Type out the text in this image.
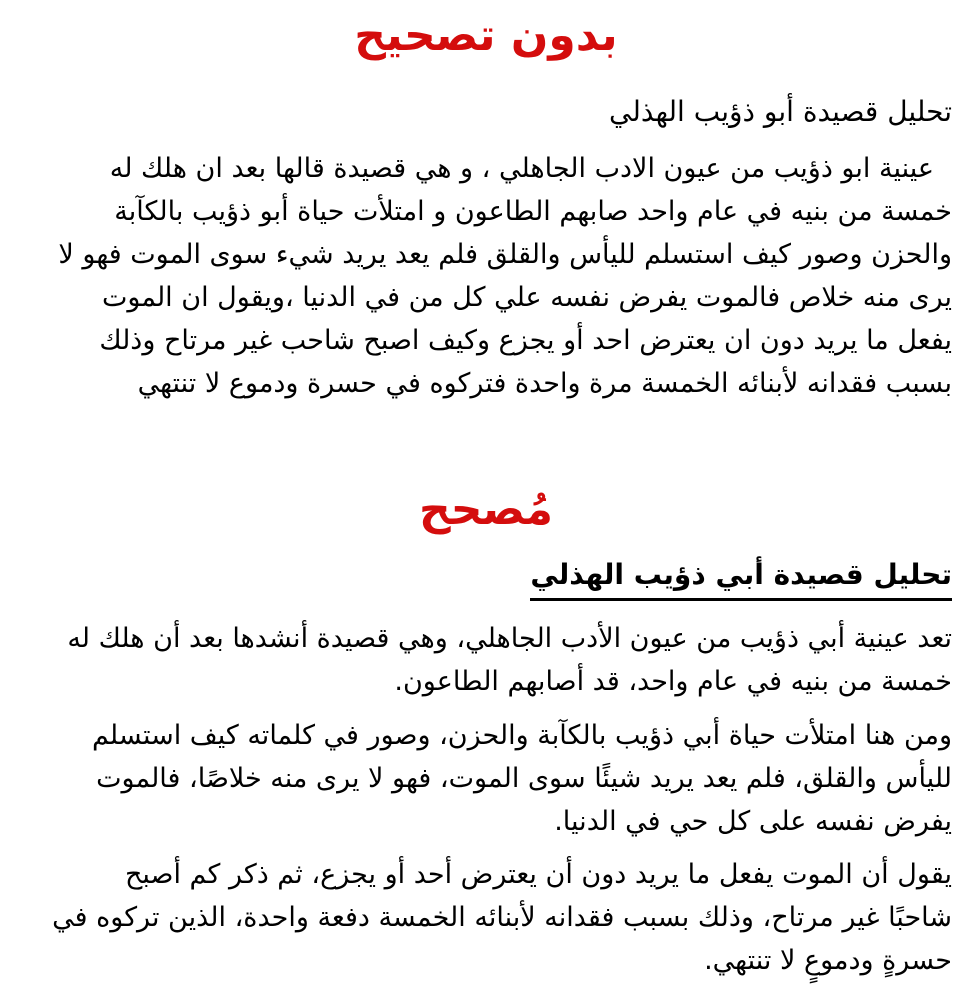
بدون تصحيح
تحليل قصيدة أبو ذؤيب الهذلي
عينية ابو ذؤيب من عيون الادب الجاهلي ، و هي قصيدة قالها بعد ان هلك له
خمسة من بنيه في عام واحد صابهم الطاعون و امتلأت حياة أبو ذؤيب بالكآبة
والحزن وصور كيف استسلم لليأس والقلق فلم يعد يريد شيء سوى الموت فهو لا
يرى منه خلاص فالموت يفرض نفسه علي كل من في الدنيا ،ويقول ان الموت
يفعل ما يريد دون ان يعترض احد أو يجزع وكيف اصبح شاحب غير مرتاح وذلك
بسبب فقدانه لأبنائه الخمسة مرة واحدة فتركوه في حسرة ودموع لا تنتهي
مُصحح
تحليل قصيدة أبي ذؤيب الهذلي
تعد عينية أبي ذؤيب من عيون الأدب الجاهلي، وهي قصيدة أنشدها بعد أن هلك له
خمسة من بنيه في عام واحد، قد أصابهم الطاعون.
ومن هنا امتلأت حياة أبي ذؤيب بالكآبة والحزن، وصور في كلماته كيف استسلم
لليأس والقلق، فلم يعد يريد شيئًا سوى الموت، فهو لا يرى منه خلاصًا، فالموت
يفرض نفسه على كل حي في الدنيا.
يقول أن الموت يفعل ما يريد دون أن يعترض أحد أو يجزع، ثم ذكر كم أصبح
شاحبًا غير مرتاح، وذلك بسبب فقدانه لأبنائه الخمسة دفعة واحدة، الذين تركوه في
حسرةٍ ودموعٍ لا تنتهي.
